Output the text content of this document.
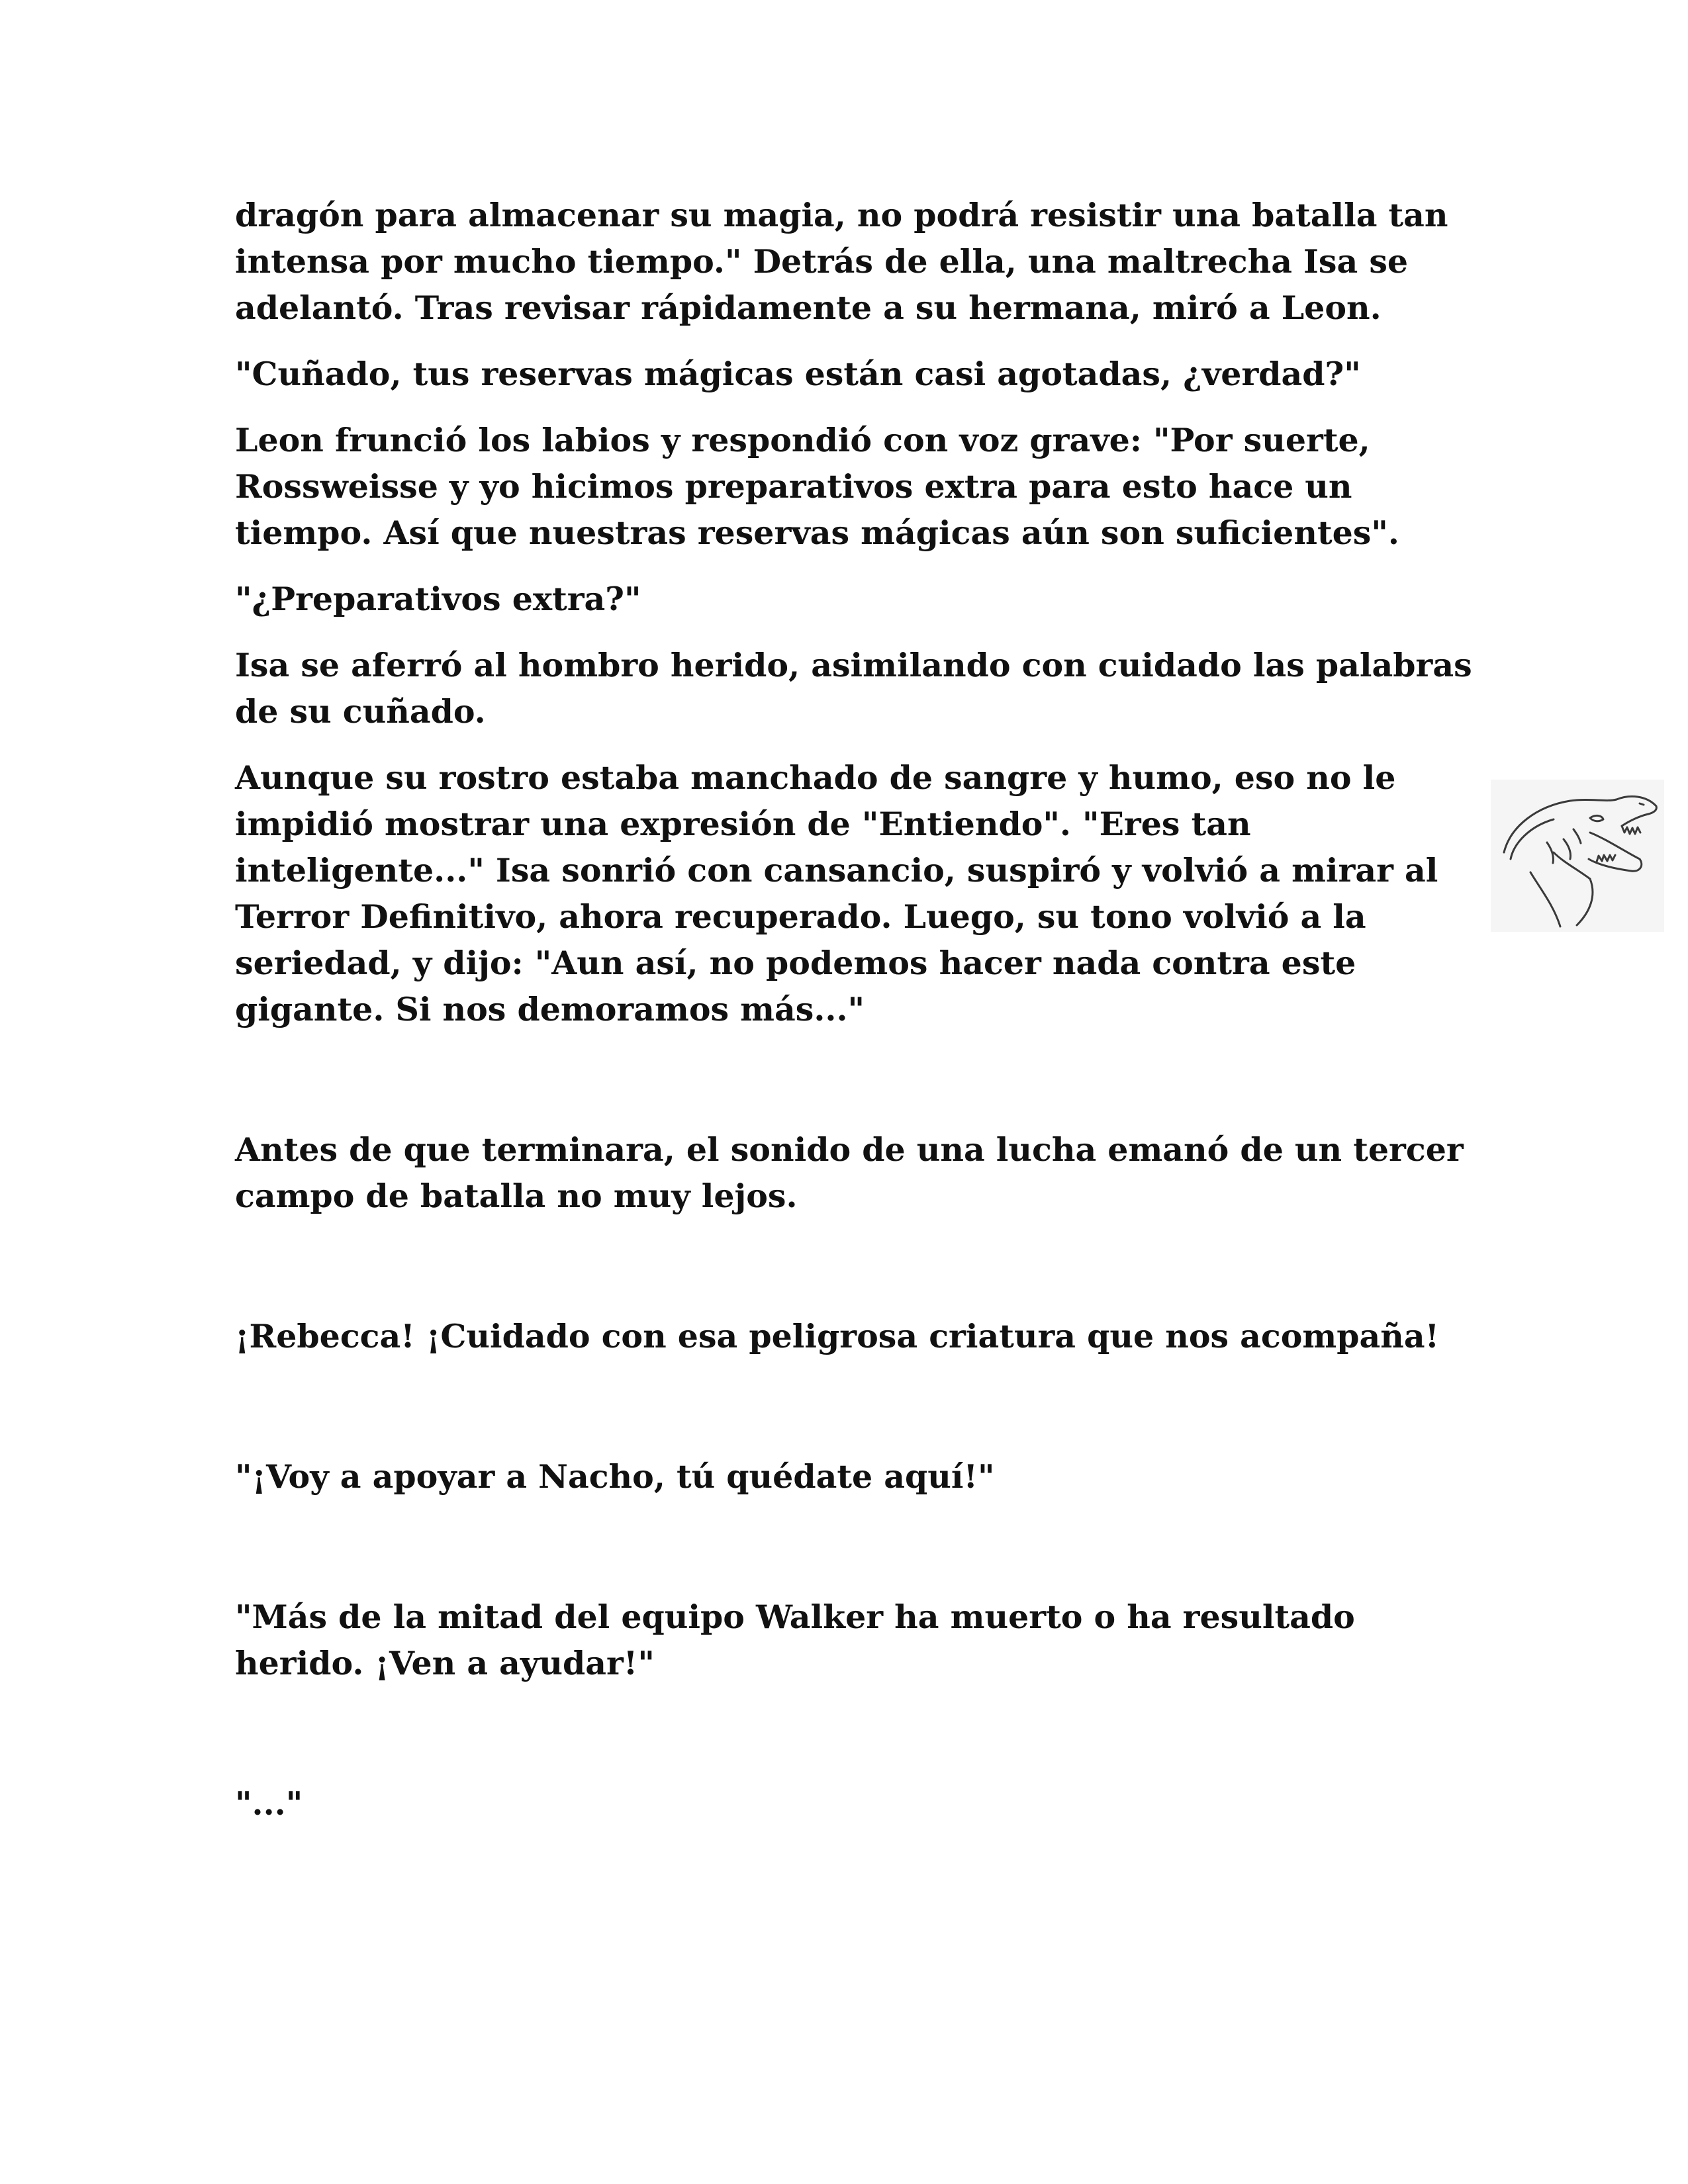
dragón para almacenar su magia, no podrá resistir una batalla tan intensa por mucho tiempo." Detrás de ella, una maltrecha Isa se adelantó. Tras revisar rápidamente a su hermana, miró a Leon.

"Cuñado, tus reservas mágicas están casi agotadas, ¿verdad?"

Leon frunció los labios y respondió con voz grave: "Por suerte, Rossweisse y yo hicimos preparativos extra para esto hace un tiempo. Así que nuestras reservas mágicas aún son suficientes".

"¿Preparativos extra?"

Isa se aferró al hombro herido, asimilando con cuidado las palabras de su cuñado.

Aunque su rostro estaba manchado de sangre y humo, eso no le impidió mostrar una expresión de "Entiendo". "Eres tan inteligente..." Isa sonrió con cansancio, suspiró y volvió a mirar al Terror Definitivo, ahora recuperado. Luego, su tono volvió a la seriedad, y dijo: "Aun así, no podemos hacer nada contra este gigante. Si nos demoramos más..."

Antes de que terminara, el sonido de una lucha emanó de un tercer campo de batalla no muy lejos.

¡Rebecca! ¡Cuidado con esa peligrosa criatura que nos acompaña!

"¡Voy a apoyar a Nacho, tú quédate aquí!"

"Más de la mitad del equipo Walker ha muerto o ha resultado herido. ¡Ven a ayudar!"

"..."
